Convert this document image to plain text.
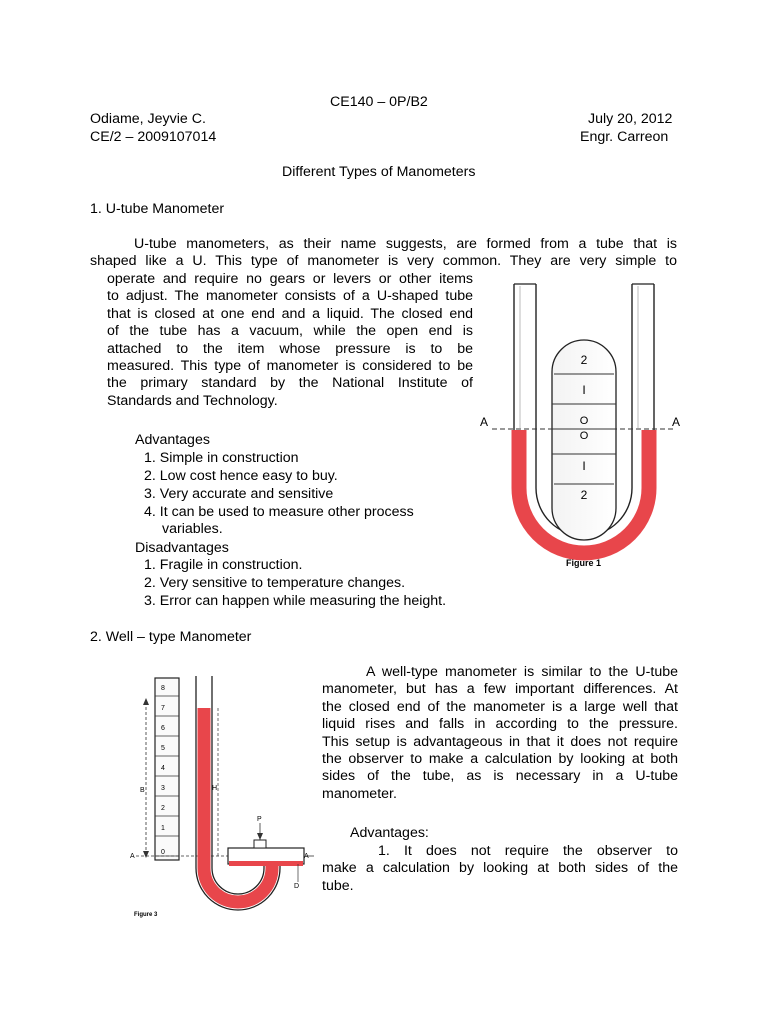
CE140 – 0P/B2
Odiame, Jeyvie C.	July 20, 2012
CE/2 – 2009107014	Engr. Carreon
Different Types of Manometers
1. U-tube Manometer
U-tube manometers, as their name suggests, are formed from a tube that is
shaped like a U. This type of manometer is very common. They are very simple to
operate and require no gears or levers or other items
to adjust. The manometer consists of a U-shaped tube
that is closed at one end and a liquid. The closed end
of the tube has a vacuum, while the open end is
attached to the item whose pressure is to be
measured. This type of manometer is considered to be
the primary standard by the National Institute of
Standards and Technology.
Advantages
1. Simple in construction
2. Low cost hence easy to buy.
3. Very accurate and sensitive
4. It can be used to measure other process
variables.
Disadvantages
1. Fragile in construction.
2. Very sensitive to temperature changes.
3. Error can happen while measuring the height.
2
I
O
O
I
2
A	A
Figure 1
2. Well – type Manometer
A well-type manometer is similar to the U-tube
manometer, but has a few important differences. At
the closed end of the manometer is a large well that
liquid rises and falls in according to the pressure.
This setup is advantageous in that it does not require
the observer to make a calculation by looking at both
sides of the tube, as is necessary in a U-tube
manometer.
Advantages:
1. It does not require the observer to
make a calculation by looking at both sides of the
tube.
8
7
6
5
4
3
2
1
0
B
A
H
P
A
D
Figure 3
